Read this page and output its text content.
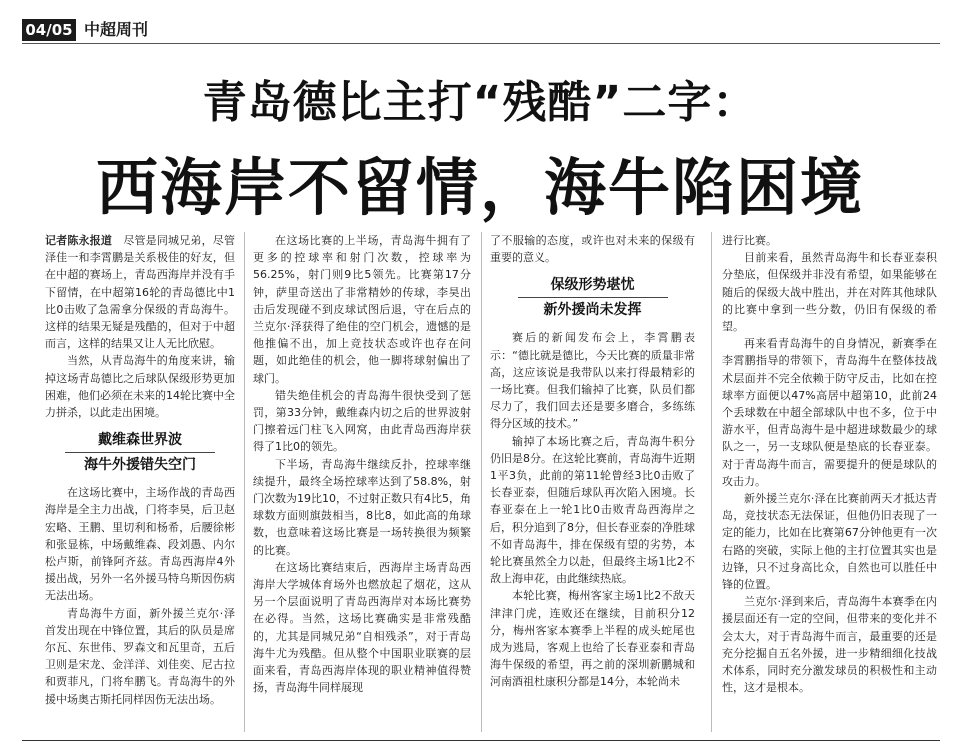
04/05 中超周刊
青岛德比主打“残酷”二字：
西海岸不留情，海牛陷困境

记者陈永报道　 尽管是同城兄弟，尽管泽佳一和李霄鹏是关系极佳的好友，但在中超的赛场上，青岛西海岸并没有手下留情，在中超第16轮的青岛德比中1比0击败了急需拿分保级的青岛海牛。这样的结果无疑是残酷的，但对于中超而言，这样的结果又让人无比欣慰。

当然，从青岛海牛的角度来讲，输掉这场青岛德比之后球队保级形势更加困难，他们必须在未来的14轮比赛中全力拼杀，以此走出困境。

戴维森世界波
海牛外援错失空门

在这场比赛中，主场作战的青岛西海岸是全主力出战，门将李昊，后卫赵宏略、王鹏、里切利和杨希，后腰徐彬和张显栋，中场戴维森、段刘愚、内尔松卢斯，前锋阿齐兹。青岛西海岸4外援出战，另外一名外援马特乌斯因伤病无法出场。

青岛海牛方面，新外援兰克尔·泽首发出现在中锋位置，其后的队员是席尔瓦、东世伟、罗森文和瓦里奇，五后卫则是宋龙、金洋洋、刘佳奕、尼古拉和贾菲凡，门将牟鹏飞。青岛海牛的外援中场奥古斯托同样因伤无法出场。

在这场比赛的上半场，青岛海牛拥有了更多的控球率和射门次数，控球率为56.25%，射门则9比5领先。比赛第17分钟，萨里奇送出了非常精妙的传球，李昊出击后发现碰不到皮球试图后退，守在后点的兰克尔·泽获得了绝佳的空门机会，遗憾的是他推偏不出，加上竞技状态或许也存在问题，如此绝佳的机会，他一脚将球射偏出了球门。

错失绝佳机会的青岛海牛很快受到了惩罚，第33分钟，戴维森内切之后的世界波射门擦着远门柱飞入网窝，由此青岛西海岸获得了1比0的领先。

下半场，青岛海牛继续反扑，控球率继续提升，最终全场控球率达到了58.8%，射门次数为19比10，不过射正数只有4比5，角球数方面则旗鼓相当，8比8，如此高的角球数，也意味着这场比赛是一场转换很为频繁的比赛。

在这场比赛结束后，西海岸主场青岛西海岸大学城体育场外也燃放起了烟花，这从另一个层面说明了青岛西海岸对本场比赛势在必得。当然，这场比赛确实是非常残酷的，尤其是同城兄弟“自相残杀”，对于青岛海牛尤为残酷。但从整个中国职业联赛的层面来看，青岛西海岸体现的职业精神值得赞扬，青岛海牛同样展现

了不服输的态度，或许也对未来的保级有重要的意义。

保级形势堪忧
新外援尚未发挥

赛后的新闻发布会上，李霄鹏表示：“德比就是德比，今天比赛的质量非常高，这应该说是我带队以来打得最精彩的一场比赛。但我们输掉了比赛，队员们都尽力了，我们回去还是要多磨合，多练练得分区域的技术。”

输掉了本场比赛之后，青岛海牛积分仍旧是8分。在这轮比赛前，青岛海牛近期1平3负，此前的第11轮曾经3比0击败了长春亚泰，但随后球队再次陷入困境。长春亚泰在上一轮1比0击败青岛西海岸之后，积分追到了8分，但长春亚泰的净胜球不如青岛海牛，排在保级有望的劣势，本轮比赛虽然全力以赴，但最终主场1比2不敌上海申花，由此继续热底。

本轮比赛，梅州客家主场1比2不敌天津津门虎，连败还在继续，目前积分12分，梅州客家本赛季上半程的成头蛇尾也成为逃局，客观上也给了长春亚泰和青岛海牛保级的希望，再之前的深圳新鹏城和河南酒祖杜康积分都是14分，本轮尚未

进行比赛。

目前来看，虽然青岛海牛和长春亚泰积分垫底，但保级并非没有希望，如果能够在随后的保级大战中胜出，并在对阵其他球队的比赛中拿到一些分数，仍旧有保级的希望。

再来看青岛海牛的自身情况，新赛季在李霄鹏指导的带领下，青岛海牛在整体技战术层面并不完全依赖于防守反击，比如在控球率方面便以47%高居中超第10，此前24个丢球数在中超全部球队中也不多，位于中游水平，但青岛海牛是中超进球数最少的球队之一，另一支球队便是垫底的长春亚泰。对于青岛海牛而言，需要提升的便是球队的攻击力。

新外援兰克尔·泽在比赛前两天才抵达青岛，竞技状态无法保证，但他仍旧表现了一定的能力，比如在比赛第67分钟他更有一次右路的突破，实际上他的主打位置其实也是边锋，只不过身高比众，自然也可以胜任中锋的位置。

兰克尔·泽到来后，青岛海牛本赛季在内援层面还有一定的空间，但带来的变化并不会太大，对于青岛海牛而言，最重要的还是充分挖掘自五名外援，进一步精细细化技战术体系，同时充分激发球员的积极性和主动性，这才是根本。
